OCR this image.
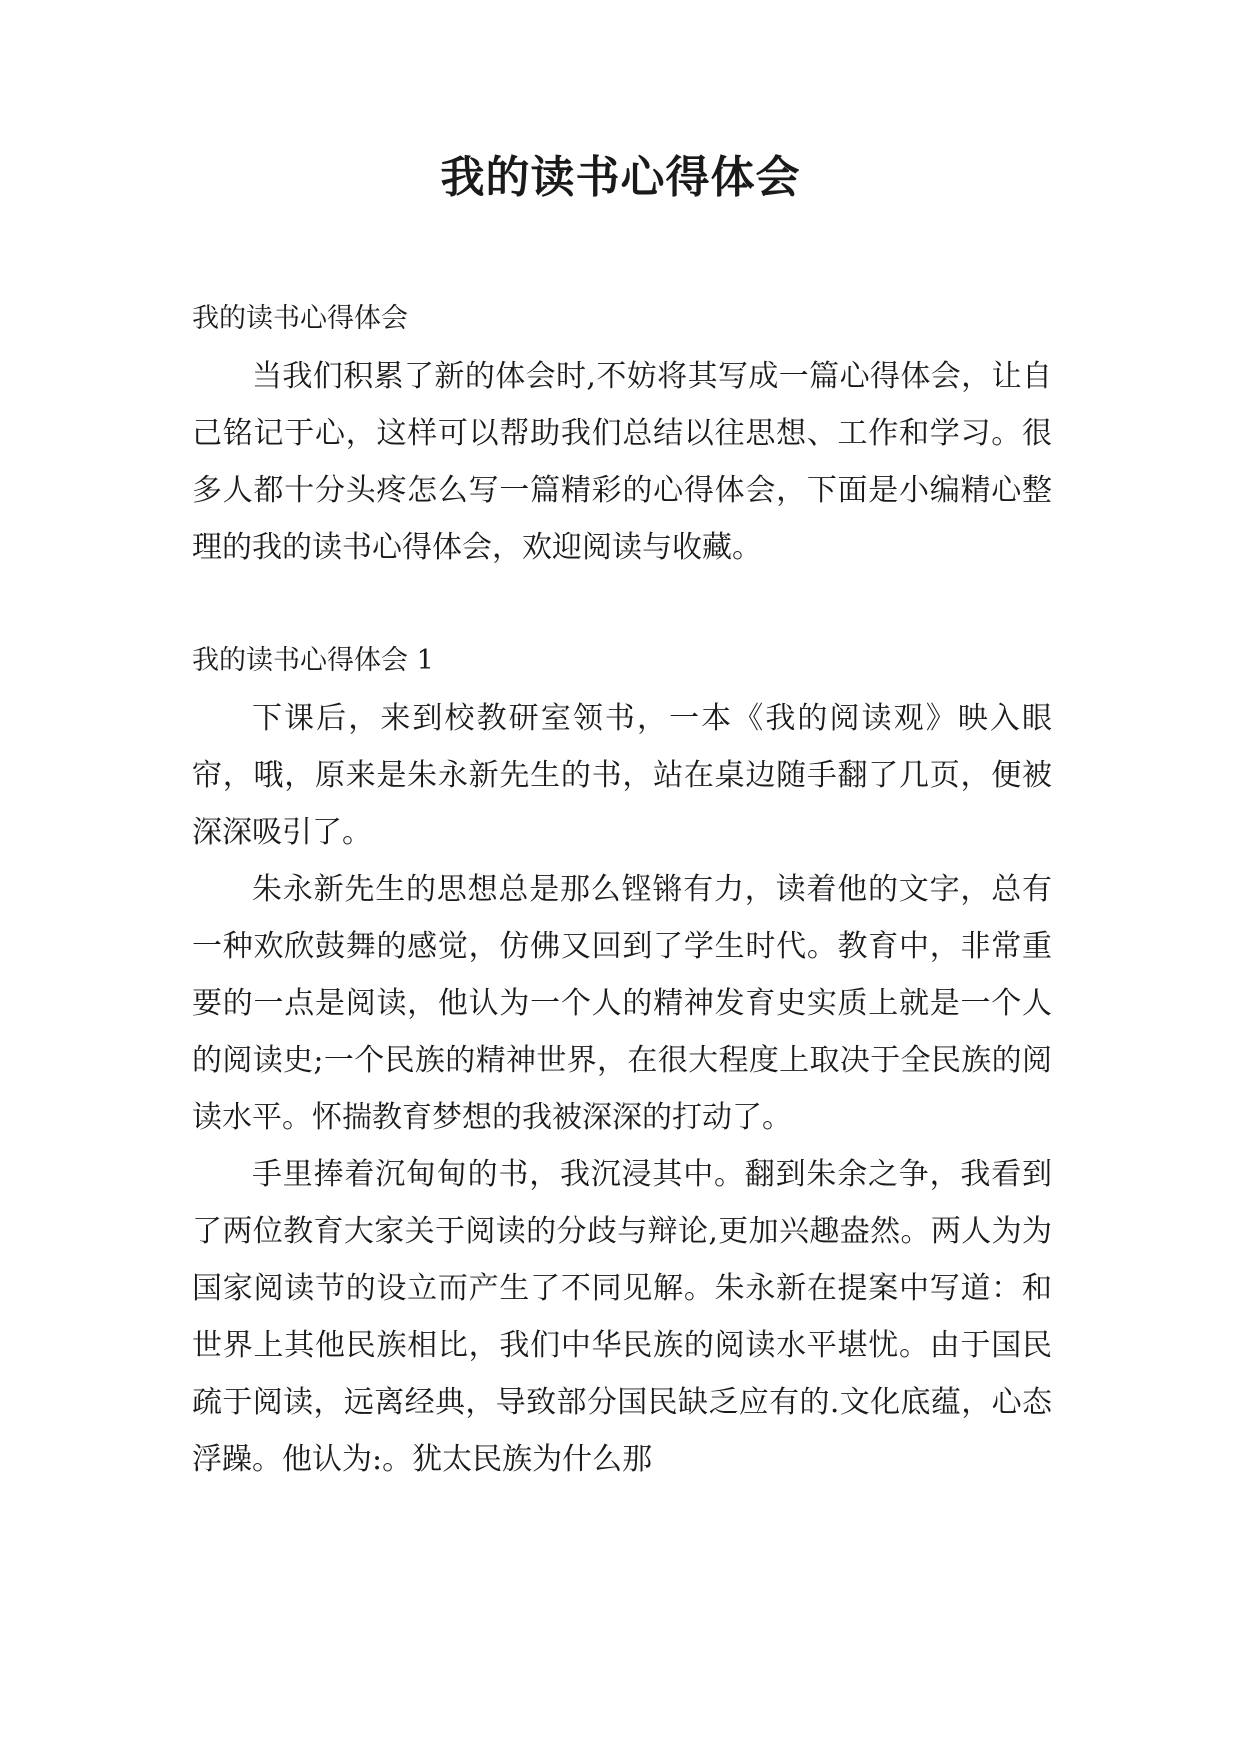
我的读书心得体会

我的读书心得体会

当我们积累了新的体会时,不妨将其写成一篇心得体会，让自己铭记于心，这样可以帮助我们总结以往思想、工作和学习。很多人都十分头疼怎么写一篇精彩的心得体会，下面是小编精心整理的我的读书心得体会，欢迎阅读与收藏。

我的读书心得体会 1

下课后，来到校教研室领书，一本《我的阅读观》映入眼帘，哦，原来是朱永新先生的书，站在桌边随手翻了几页，便被深深吸引了。

朱永新先生的思想总是那么铿锵有力，读着他的文字，总有一种欢欣鼓舞的感觉，仿佛又回到了学生时代。教育中，非常重要的一点是阅读，他认为一个人的精神发育史实质上就是一个人的阅读史;一个民族的精神世界，在很大程度上取决于全民族的阅读水平。怀揣教育梦想的我被深深的打动了。

手里捧着沉甸甸的书，我沉浸其中。翻到朱余之争，我看到了两位教育大家关于阅读的分歧与辩论,更加兴趣盎然。两人为为国家阅读节的设立而产生了不同见解。朱永新在提案中写道：和世界上其他民族相比，我们中华民族的阅读水平堪忧。由于国民疏于阅读，远离经典，导致部分国民缺乏应有的.文化底蕴，心态浮躁。他认为:。犹太民族为什么那
